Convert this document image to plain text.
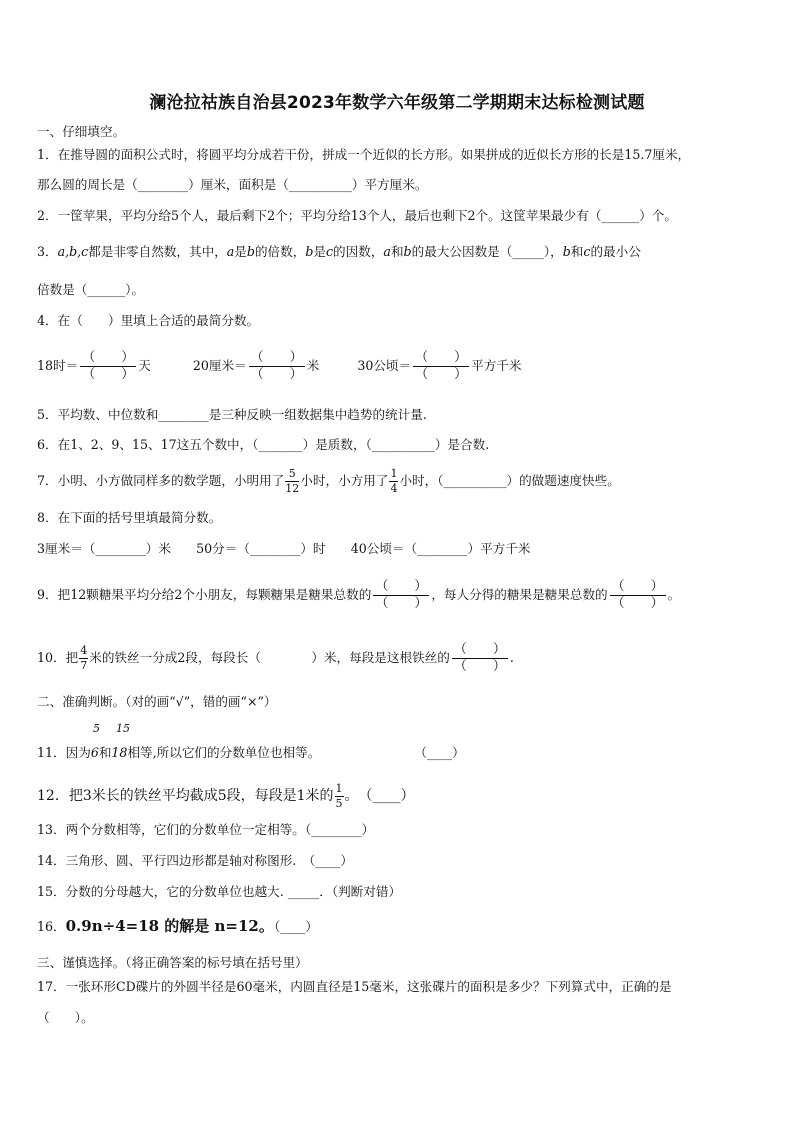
澜沧拉祜族自治县2023年数学六年级第二学期期末达标检测试题
一、仔细填空。
1．在推导圆的面积公式时，将圆平均分成若干份，拼成一个近似的长方形。如果拼成的近似长方形的长是15.7厘米，
那么圆的周长是（________）厘米，面积是（__________）平方厘米。
2．一筐苹果，平均分给5个人，最后剩下2个；平均分给13个人，最后也剩下2个。这筐苹果最少有（______）个。
3．a,b,c都是非零自然数，其中，a是b的倍数，b是c的因数，a和b的最大公因数是（_____），b和c的最小公
倍数是（______）。
4．在（　　）里填上合适的最简分数。
18时＝
（　　）
（　　）
天	20厘米＝
（　　）
（　　）
米	30公顷＝
（　　）
（　　）
平方千米
5．平均数、中位数和________是三种反映一组数据集中趋势的统计量.
6．在1、2、9、15、17这五个数中，（_______）是质数，（__________）是合数.
7．小明、小方做同样多的数学题，小明用了 $\frac{5}{12}$ 小时，小方用了 $\frac{1}{4}$ 小时，（__________）的做题速度快些。
8．在下面的括号里填最简分数。
3厘米＝（________）米　　50分＝（________）时　　40公顷＝（________）平方千米
9．把12颗糖果平均分给2个小朋友，每颗糖果是糖果总数的
（　　）
（　　）
，每人分得的糖果是糖果总数的
（　　）
（　　）
。
10．把 $\frac{4}{7}$ 米的铁丝一分成2段，每段长（　　　　）米，每段是这根铁丝的
（　　）
（　　）
.
二、准确判断。（对的画“√”，错的画“×”）
5 15
11．因为6和18相等,所以它们的分数单位也相等。	（____）
12．把3米长的铁丝平均截成5段，每段是1米的 $\frac{1}{5}$ 。　（____）
13．两个分数相等，它们的分数单位一定相等。（________）
14．三角形、圆、平行四边形都是轴对称图形.　（____）
15．分数的分母越大，它的分数单位也越大. _____．（判断对错）
16．0.9n÷4=18 的解是 n=12。（____）
三、谨慎选择。（将正确答案的标号填在括号里）
17．一张环形CD碟片的外圆半径是60毫米，内圆直径是15毫米，这张碟片的面积是多少？下列算式中，正确的是
（　　）。
